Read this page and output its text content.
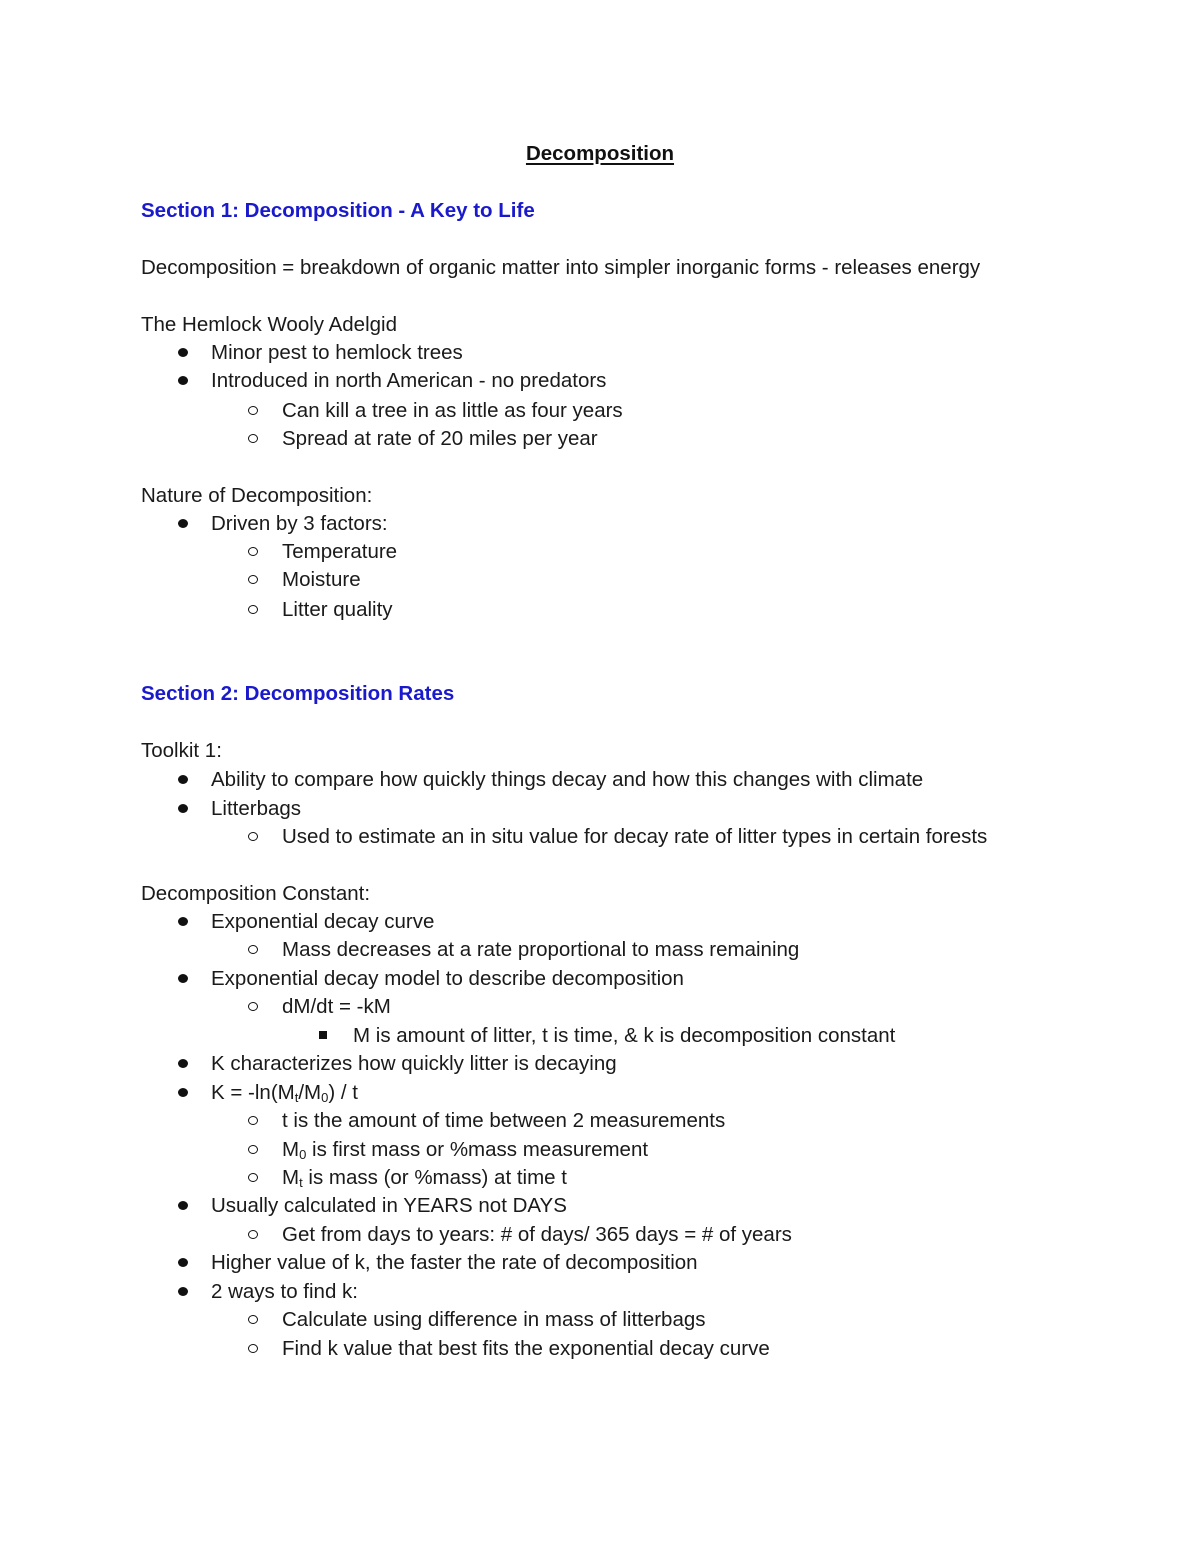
Decomposition
Section 1: Decomposition - A Key to Life
Decomposition = breakdown of organic matter into simpler inorganic forms - releases energy
The Hemlock Wooly Adelgid
Minor pest to hemlock trees
Introduced in north American - no predators
Can kill a tree in as little as four years
Spread at rate of 20 miles per year
Nature of Decomposition:
Driven by 3 factors:
Temperature
Moisture
Litter quality
Section 2: Decomposition Rates
Toolkit 1:
Ability to compare how quickly things decay and how this changes with climate
Litterbags
Used to estimate an in situ value for decay rate of litter types in certain forests
Decomposition Constant:
Exponential decay curve
Mass decreases at a rate proportional to mass remaining
Exponential decay model to describe decomposition
dM/dt = -kM
M is amount of litter, t is time, & k is decomposition constant
K characterizes how quickly litter is decaying
$K = -\ln(M_t/M_0) / t$
t is the amount of time between 2 measurements
$M_0$ is first mass or %mass measurement
$M_t$ is mass (or %mass) at time t
Usually calculated in YEARS not DAYS
Get from days to years: # of days/ 365 days = # of years
Higher value of k, the faster the rate of decomposition
2 ways to find k:
Calculate using difference in mass of litterbags
Find k value that best fits the exponential decay curve
